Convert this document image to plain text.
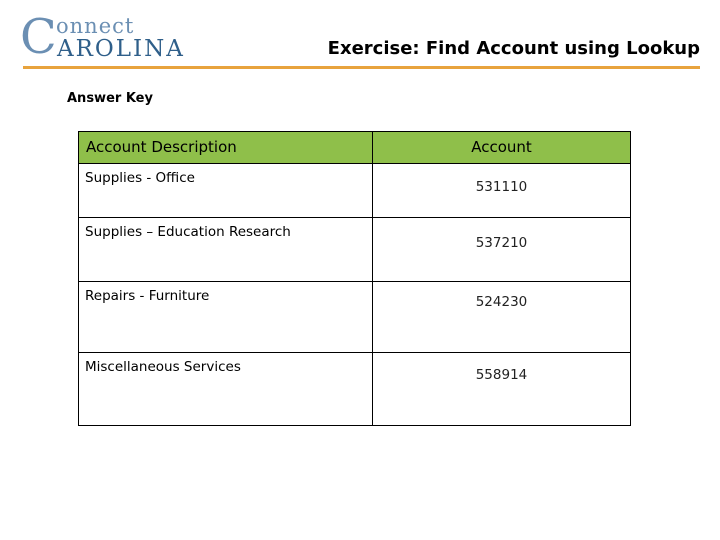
C onnect
AROLINA	Exercise: Find Account using Lookup
Answer Key
Account Description	Account
Supplies - Office	531110
Supplies – Education Research	537210
Repairs - Furniture	524230
Miscellaneous Services	558914
